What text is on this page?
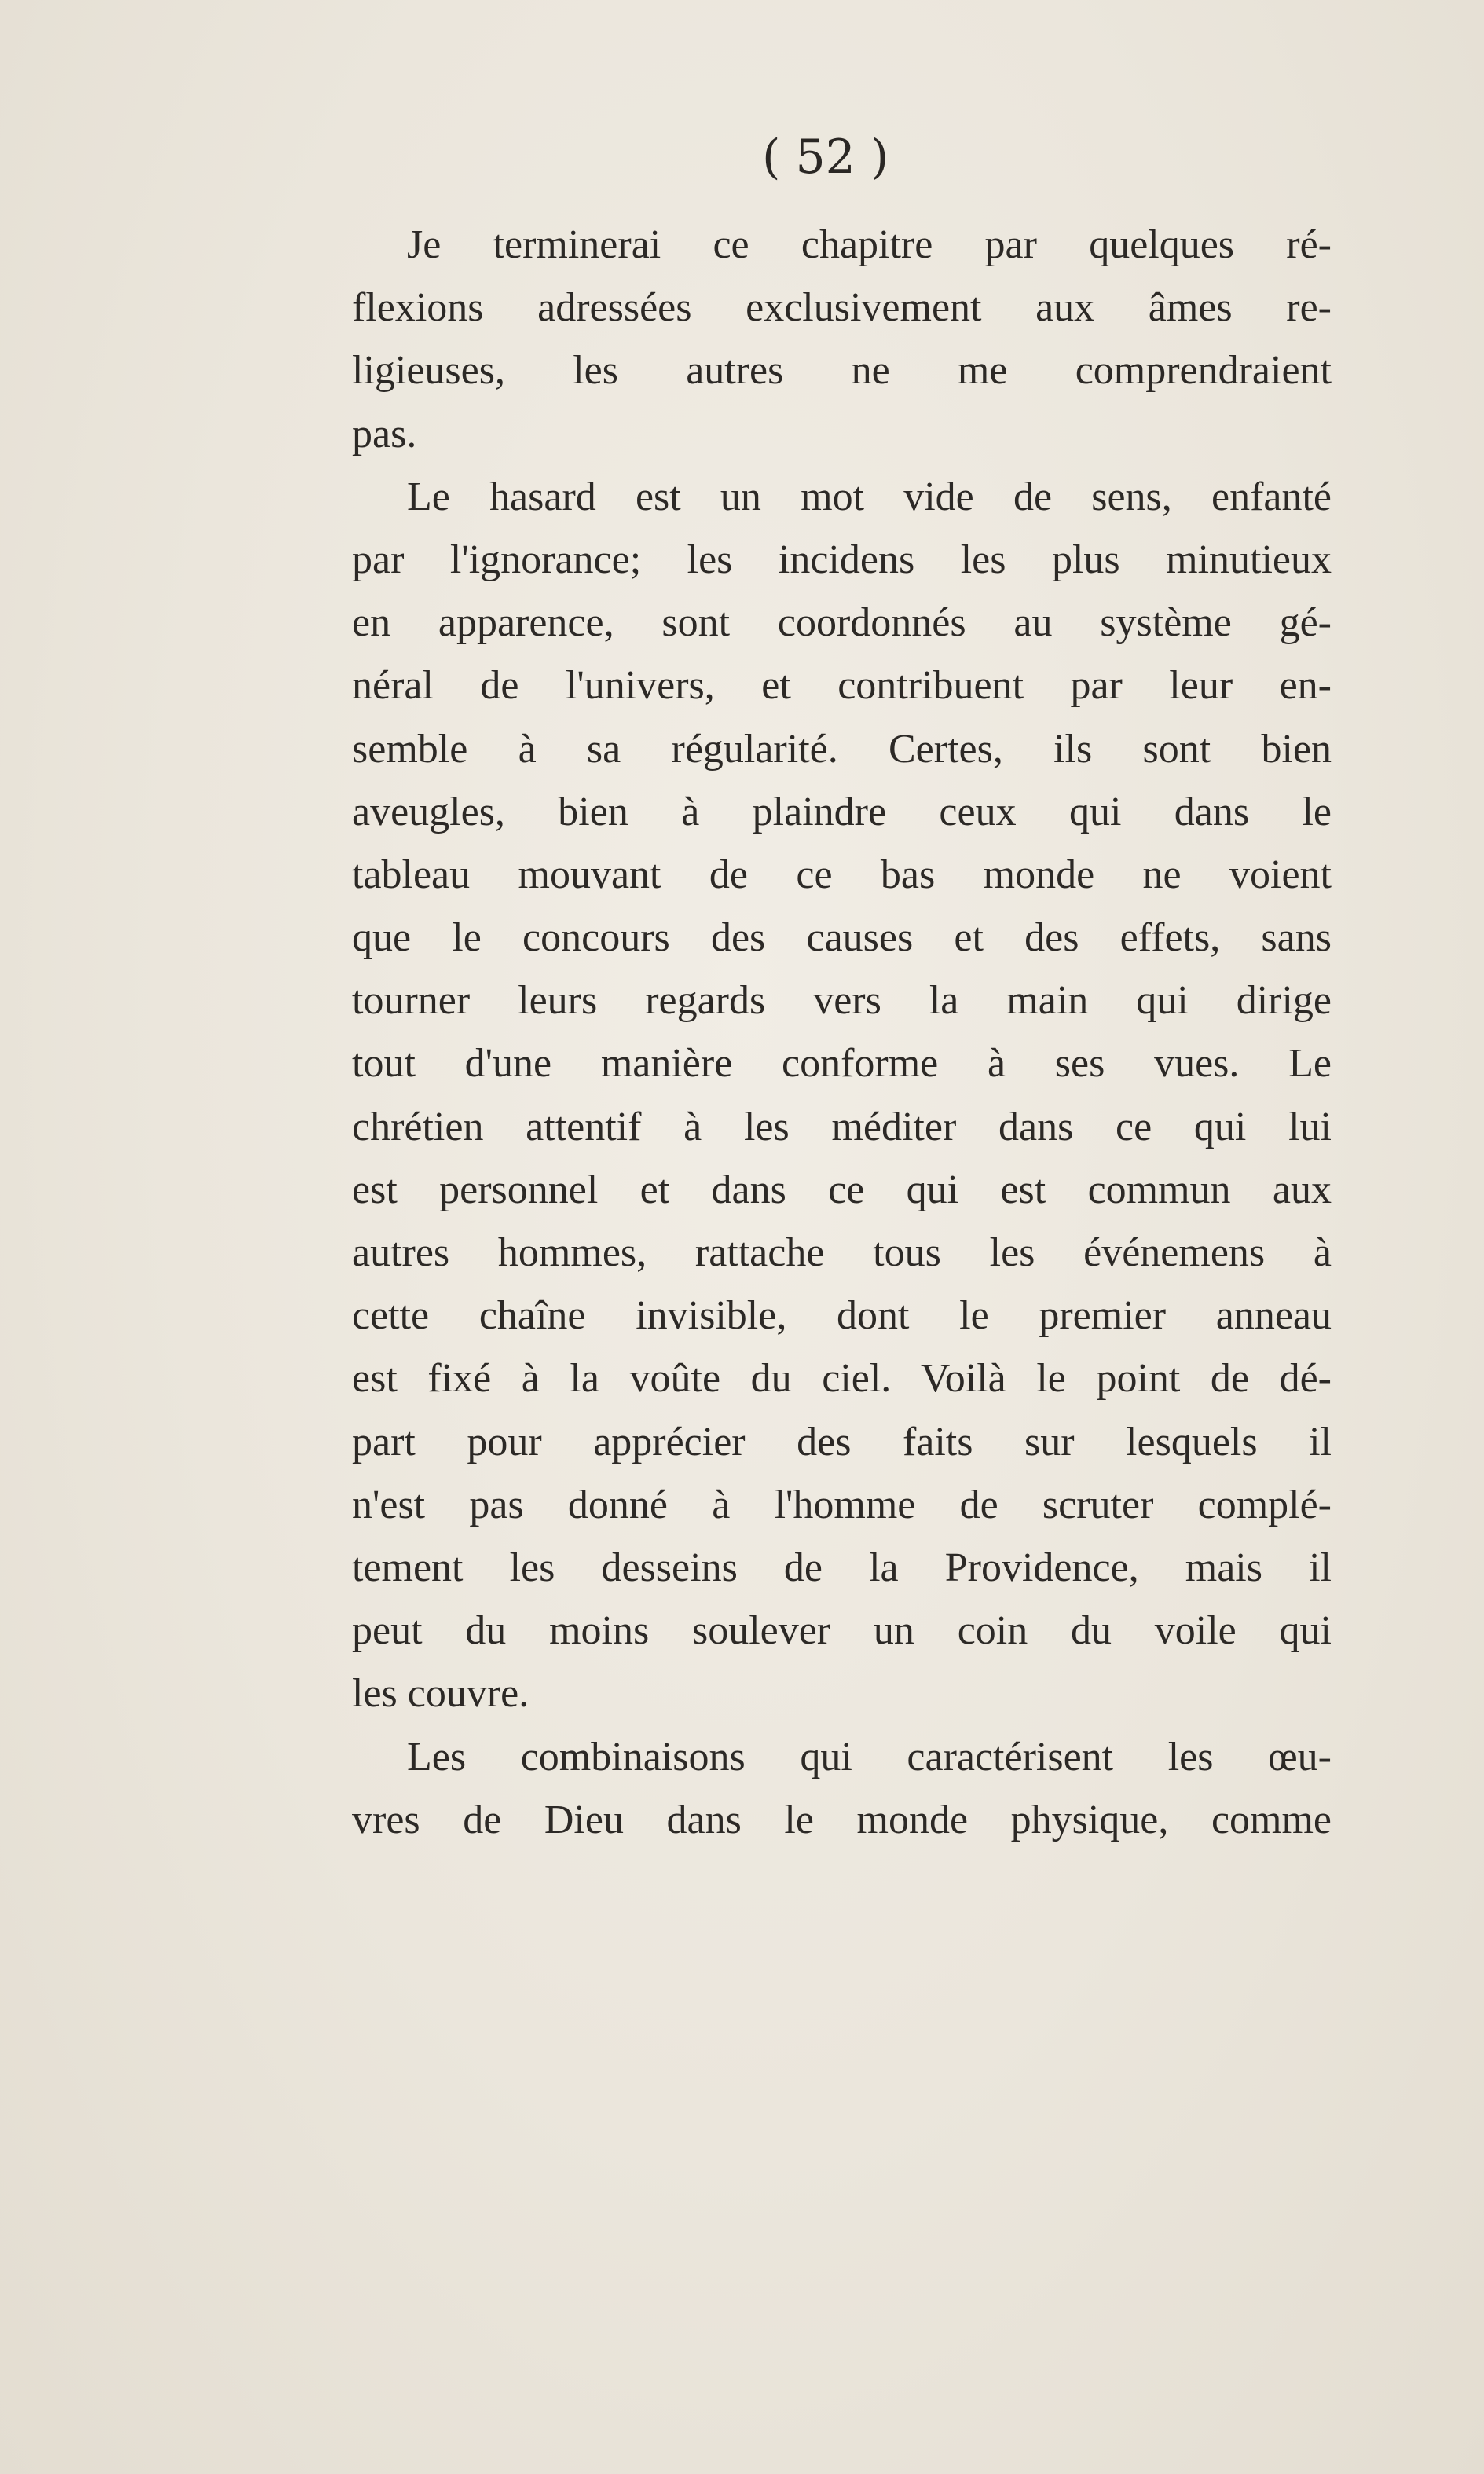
( 52 )
Je terminerai ce chapitre par quelques ré-
flexions adressées exclusivement aux âmes re-
ligieuses, les autres ne me comprendraient
pas.
Le hasard est un mot vide de sens, enfanté
par l'ignorance; les incidens les plus minutieux
en apparence, sont coordonnés au système gé-
néral de l'univers, et contribuent par leur en-
semble à sa régularité. Certes, ils sont bien
aveugles, bien à plaindre ceux qui dans le
tableau mouvant de ce bas monde ne voient
que le concours des causes et des effets, sans
tourner leurs regards vers la main qui dirige
tout d'une manière conforme à ses vues. Le
chrétien attentif à les méditer dans ce qui lui
est personnel et dans ce qui est commun aux
autres hommes, rattache tous les événemens à
cette chaîne invisible, dont le premier anneau
est fixé à la voûte du ciel. Voilà le point de dé-
part pour apprécier des faits sur lesquels il
n'est pas donné à l'homme de scruter complé-
tement les desseins de la Providence, mais il
peut du moins soulever un coin du voile qui
les couvre.
Les combinaisons qui caractérisent les œu-
vres de Dieu dans le monde physique, comme
